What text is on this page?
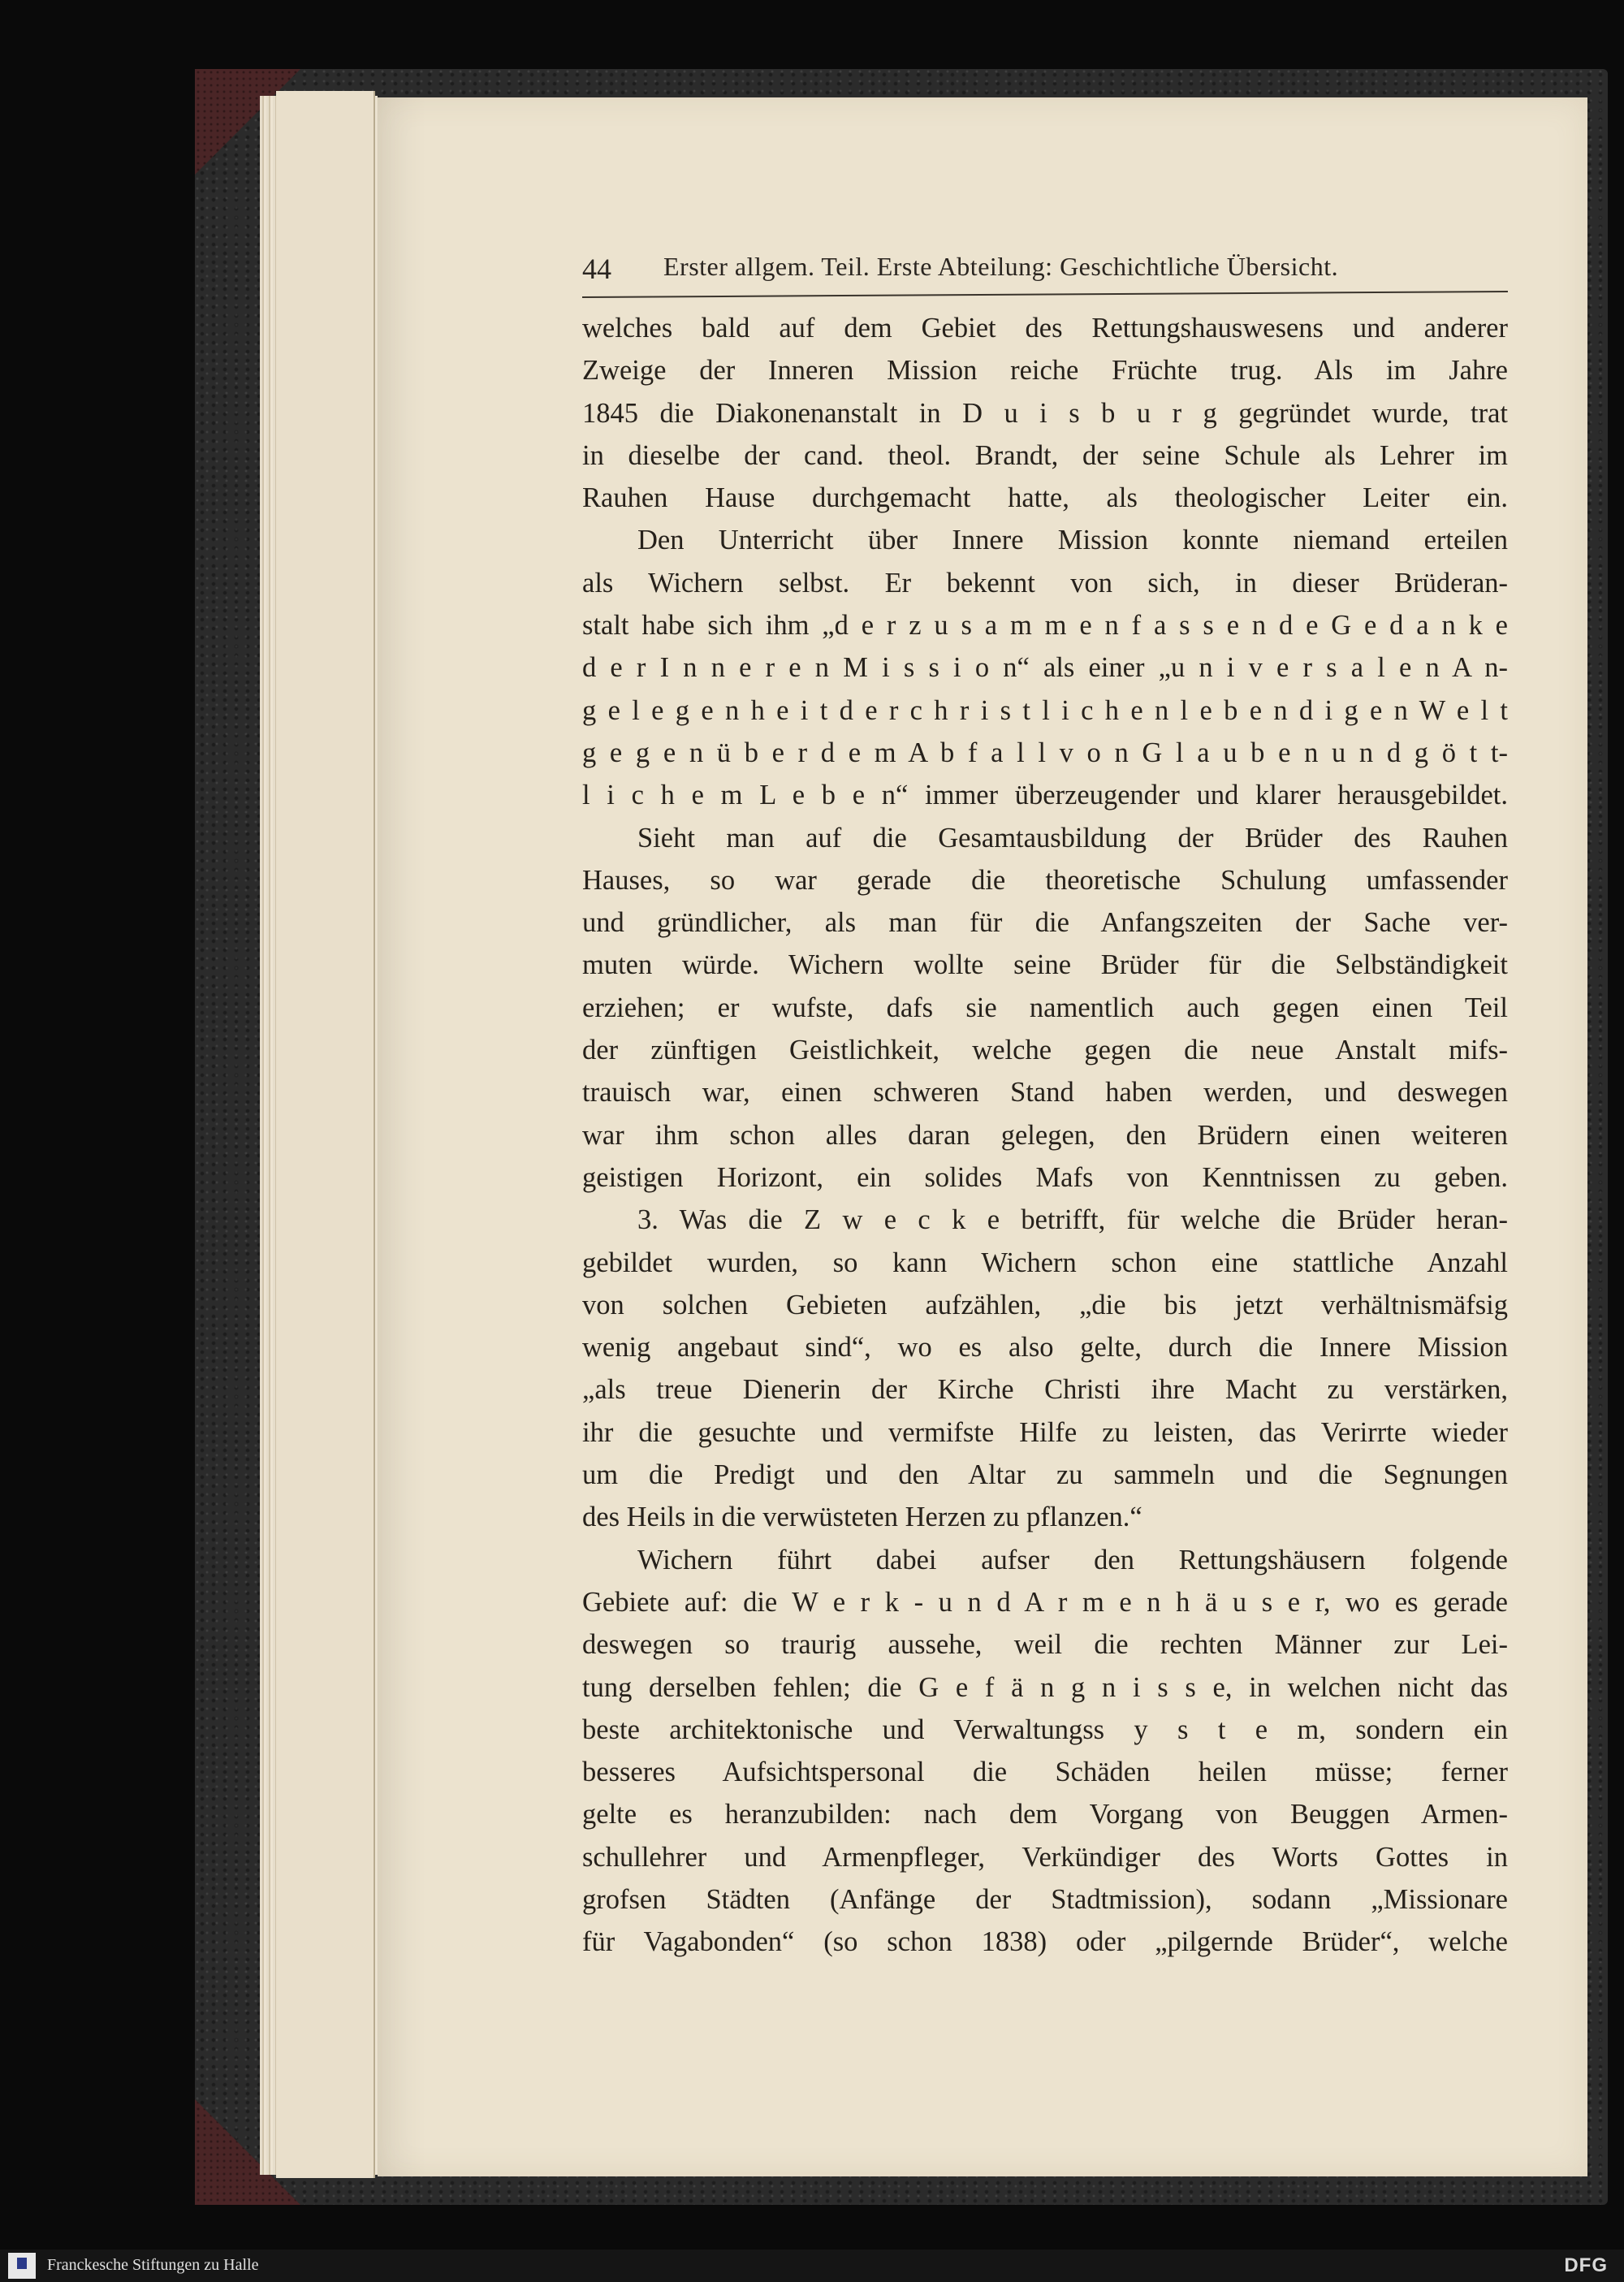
44 Erster allgem. Teil. Erste Abteilung: Geschichtliche Übersicht.
welches bald auf dem Gebiet des Rettungshauswesens und anderer
Zweige der Inneren Mission reiche Früchte trug. Als im Jahre
1845 die Diakonenanstalt in D u i s b u r g gegründet wurde, trat
in dieselbe der cand. theol. Brandt, der seine Schule als Lehrer im
Rauhen Hause durchgemacht hatte, als theologischer Leiter ein.
Den Unterricht über Innere Mission konnte niemand erteilen
als Wichern selbst. Er bekennt von sich, in dieser Brüderan-
stalt habe sich ihm „d e r z u s a m m e n f a s s e n d e G e d a n k e
d e r I n n e r e n M i s s i o n“ als einer „u n i v e r s a l e n A n-
g e l e g e n h e i t d e r c h r i s t l i c h e n l e b e n d i g e n W e l t
g e g e n ü b e r d e m A b f a l l v o n G l a u b e n u n d g ö t t-
l i c h e m L e b e n“ immer überzeugender und klarer herausgebildet.
Sieht man auf die Gesamtausbildung der Brüder des Rauhen
Hauses, so war gerade die theoretische Schulung umfassender
und gründlicher, als man für die Anfangszeiten der Sache ver-
muten würde. Wichern wollte seine Brüder für die Selbständigkeit
erziehen; er wufste, dafs sie namentlich auch gegen einen Teil
der zünftigen Geistlichkeit, welche gegen die neue Anstalt mifs-
trauisch war, einen schweren Stand haben werden, und deswegen
war ihm schon alles daran gelegen, den Brüdern einen weiteren
geistigen Horizont, ein solides Mafs von Kenntnissen zu geben.
3. Was die Z w e c k e betrifft, für welche die Brüder heran-
gebildet wurden, so kann Wichern schon eine stattliche Anzahl
von solchen Gebieten aufzählen, „die bis jetzt verhältnismäfsig
wenig angebaut sind“, wo es also gelte, durch die Innere Mission
„als treue Dienerin der Kirche Christi ihre Macht zu verstärken,
ihr die gesuchte und vermifste Hilfe zu leisten, das Verirrte wieder
um die Predigt und den Altar zu sammeln und die Segnungen
des Heils in die verwüsteten Herzen zu pflanzen.“
Wichern führt dabei aufser den Rettungshäusern folgende
Gebiete auf: die W e r k - u n d A r m e n h ä u s e r, wo es gerade
deswegen so traurig aussehe, weil die rechten Männer zur Lei-
tung derselben fehlen; die G e f ä n g n i s s e, in welchen nicht das
beste architektonische und Verwaltungss y s t e m, sondern ein
besseres Aufsichtspersonal die Schäden heilen müsse; ferner
gelte es heranzubilden: nach dem Vorgang von Beuggen Armen-
schullehrer und Armenpfleger, Verkündiger des Worts Gottes in
grofsen Städten (Anfänge der Stadtmission), sodann „Missionare
für Vagabonden“ (so schon 1838) oder „pilgernde Brüder“, welche
Franckesche Stiftungen zu Halle	DFG
